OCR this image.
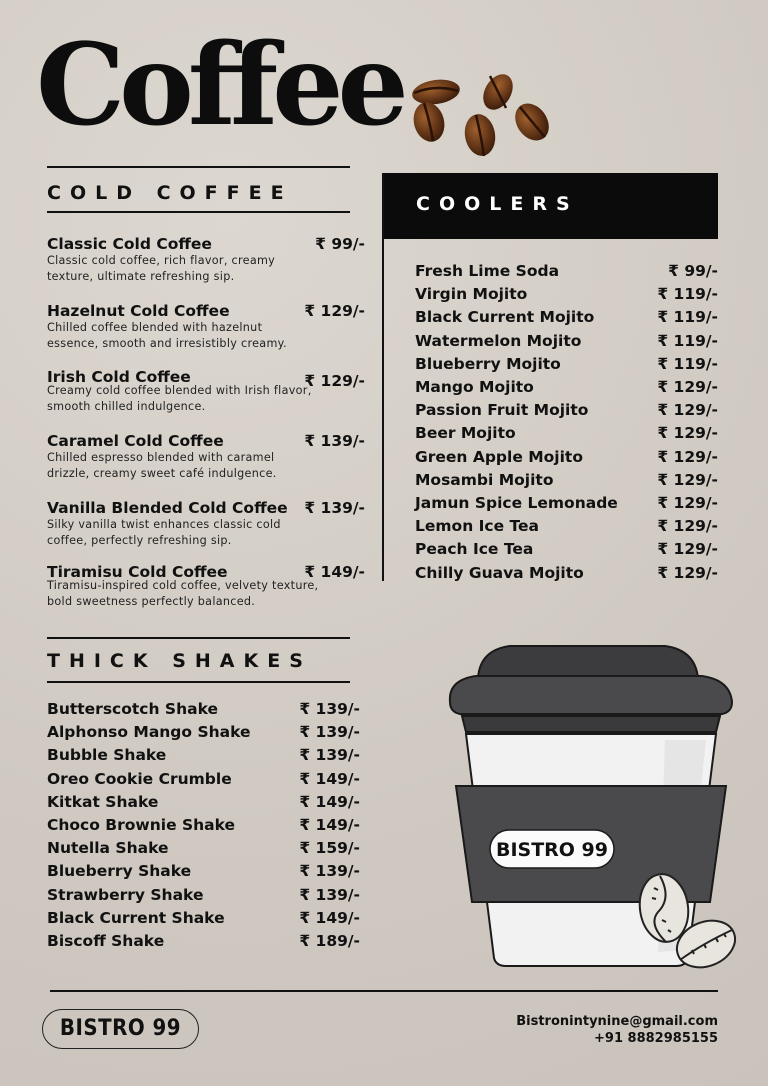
Coffee
COLD COFFEE
Classic Cold Coffee	₹ 99/-
Classic cold coffee, rich flavor, creamy texture, ultimate refreshing sip.
Hazelnut Cold Coffee	₹ 129/-
Chilled coffee blended with hazelnut essence, smooth and irresistibly creamy.
Irish Cold Coffee	₹ 129/-
Creamy cold coffee blended with Irish flavor, smooth chilled indulgence.
Caramel Cold Coffee	₹ 139/-
Chilled espresso blended with caramel drizzle, creamy sweet café indulgence.
Vanilla Blended Cold Coffee	₹ 139/-
Silky vanilla twist enhances classic cold coffee, perfectly refreshing sip.
Tiramisu Cold Coffee	₹ 149/-
Tiramisu-inspired cold coffee, velvety texture, bold sweetness perfectly balanced.
COOLERS
Fresh Lime Soda	₹ 99/-
Virgin Mojito	₹ 119/-
Black Current Mojito	₹ 119/-
Watermelon Mojito	₹ 119/-
Blueberry Mojito	₹ 119/-
Mango Mojito	₹ 129/-
Passion Fruit Mojito	₹ 129/-
Beer Mojito	₹ 129/-
Green Apple Mojito	₹ 129/-
Mosambi Mojito	₹ 129/-
Jamun Spice Lemonade	₹ 129/-
Lemon Ice Tea	₹ 129/-
Peach Ice Tea	₹ 129/-
Chilly Guava Mojito	₹ 129/-
THICK SHAKES
Butterscotch Shake	₹ 139/-
Alphonso Mango Shake	₹ 139/-
Bubble Shake	₹ 139/-
Oreo Cookie Crumble	₹ 149/-
Kitkat Shake	₹ 149/-
Choco Brownie Shake	₹ 149/-
Nutella Shake	₹ 159/-
Blueberry Shake	₹ 139/-
Strawberry Shake	₹ 139/-
Black Current Shake	₹ 149/-
Biscoff Shake	₹ 189/-
BISTRO 99
BISTRO 99	Bistronintynine@gmail.com
+91 8882985155
